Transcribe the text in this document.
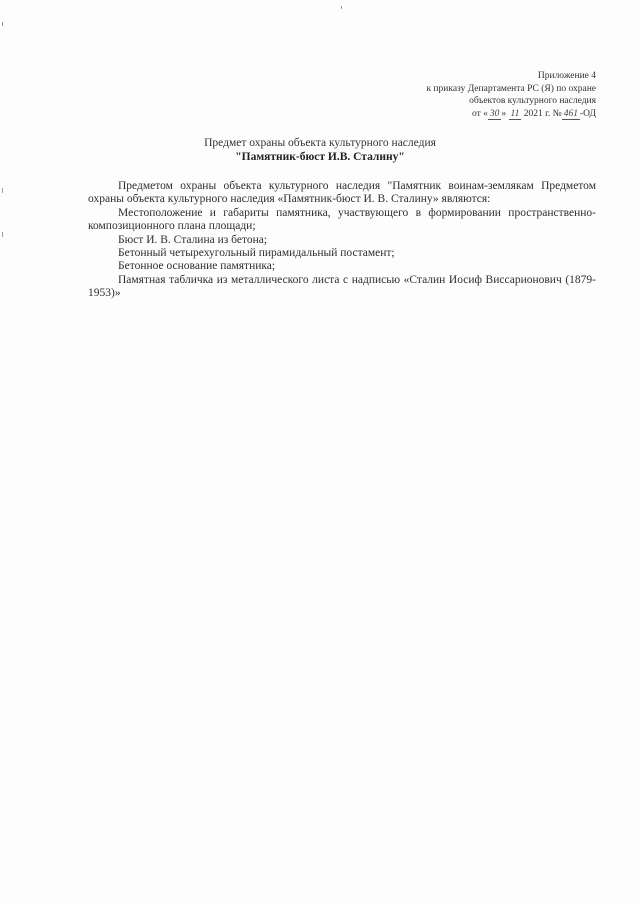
Приложение 4
к приказу Департамента РС (Я) по охране
объектов культурного наследия
от « 30 » 11 2021 г. № 461 -ОД
Предмет охраны объекта культурного наследия
"Памятник-бюст И.В. Сталину"

Предметом охраны объекта культурного наследия "Памятник воинам-землякам Предметом охраны объекта культурного наследия «Памятник-бюст И. В. Сталину» являются:

Местоположение и габариты памятника, участвующего в формировании пространственно-композиционного плана площади;

Бюст И. В. Сталина из бетона;

Бетонный четырехугольный пирамидальный постамент;

Бетонное основание памятника;

Памятная табличка из металлического листа с надписью «Сталин Иосиф Виссарионович (1879-1953)»
